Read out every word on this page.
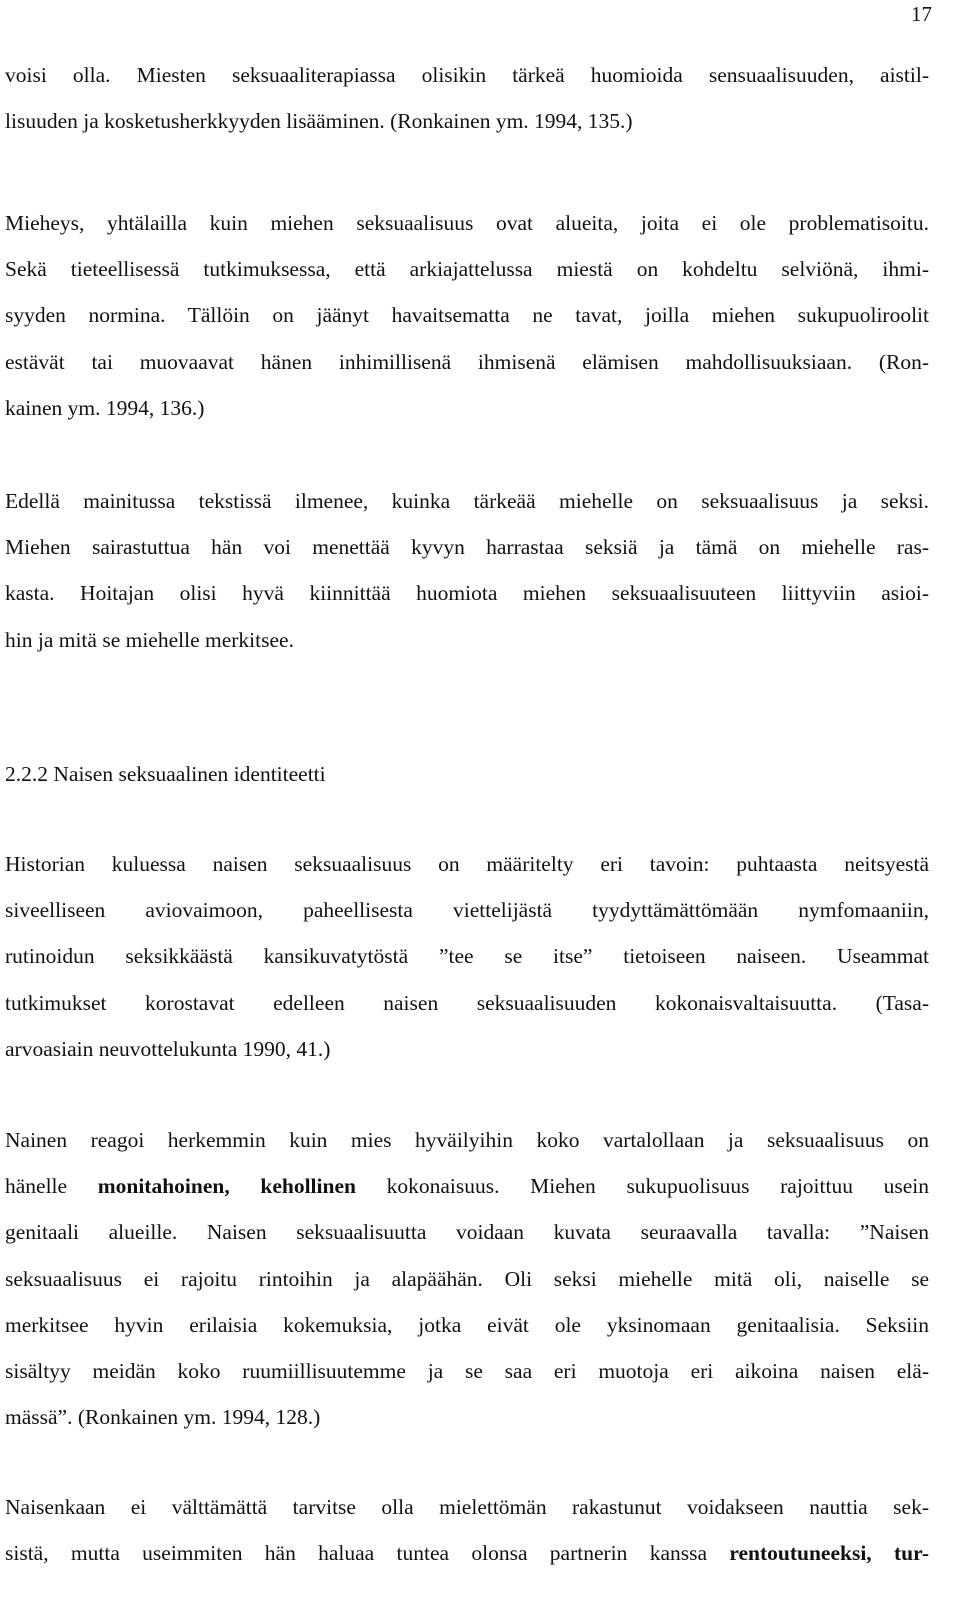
17

voisi olla. Miesten seksuaaliterapiassa olisikin tärkeä huomioida sensuaalisuuden, aistil-
lisuuden ja kosketusherkkyyden lisääminen. (Ronkainen ym. 1994, 135.)

Mieheys, yhtälailla kuin miehen seksuaalisuus ovat alueita, joita ei ole problematisoitu.
Sekä tieteellisessä tutkimuksessa, että arkiajattelussa miestä on kohdeltu selviönä, ihmi-
syyden normina. Tällöin on jäänyt havaitsematta ne tavat, joilla miehen sukupuoliroolit
estävät tai muovaavat hänen inhimillisenä ihmisenä elämisen mahdollisuuksiaan. (Ron-
kainen ym. 1994, 136.)

Edellä mainitussa tekstissä ilmenee, kuinka tärkeää miehelle on seksuaalisuus ja seksi.
Miehen sairastuttua hän voi menettää kyvyn harrastaa seksiä ja tämä on miehelle ras-
kasta. Hoitajan olisi hyvä kiinnittää huomiota miehen seksuaalisuuteen liittyviin asioi-
hin ja mitä se miehelle merkitsee.

2.2.2 Naisen seksuaalinen identiteetti

Historian kuluessa naisen seksuaalisuus on määritelty eri tavoin: puhtaasta neitsyestä
siveelliseen aviovaimoon, paheellisesta viettelijästä tyydyttämättömään nymfomaaniin,
rutinoidun seksikkäästä kansikuvatytöstä ”tee se itse” tietoiseen naiseen. Useammat
tutkimukset korostavat edelleen naisen seksuaalisuuden kokonaisvaltaisuutta. (Tasa-
arvoasiain neuvottelukunta 1990, 41.)

Nainen reagoi herkemmin kuin mies hyväilyihin koko vartalollaan ja seksuaalisuus on
hänelle monitahoinen, kehollinen kokonaisuus. Miehen sukupuolisuus rajoittuu usein
genitaali alueille. Naisen seksuaalisuutta voidaan kuvata seuraavalla tavalla: ”Naisen
seksuaalisuus ei rajoitu rintoihin ja alapäähän. Oli seksi miehelle mitä oli, naiselle se
merkitsee hyvin erilaisia kokemuksia, jotka eivät ole yksinomaan genitaalisia. Seksiin
sisältyy meidän koko ruumiillisuutemme ja se saa eri muotoja eri aikoina naisen elä-
mässä”. (Ronkainen ym. 1994, 128.)

Naisenkaan ei välttämättä tarvitse olla mielettömän rakastunut voidakseen nauttia sek-
sistä, mutta useimmiten hän haluaa tuntea olonsa partnerin kanssa rentoutuneeksi, tur-
